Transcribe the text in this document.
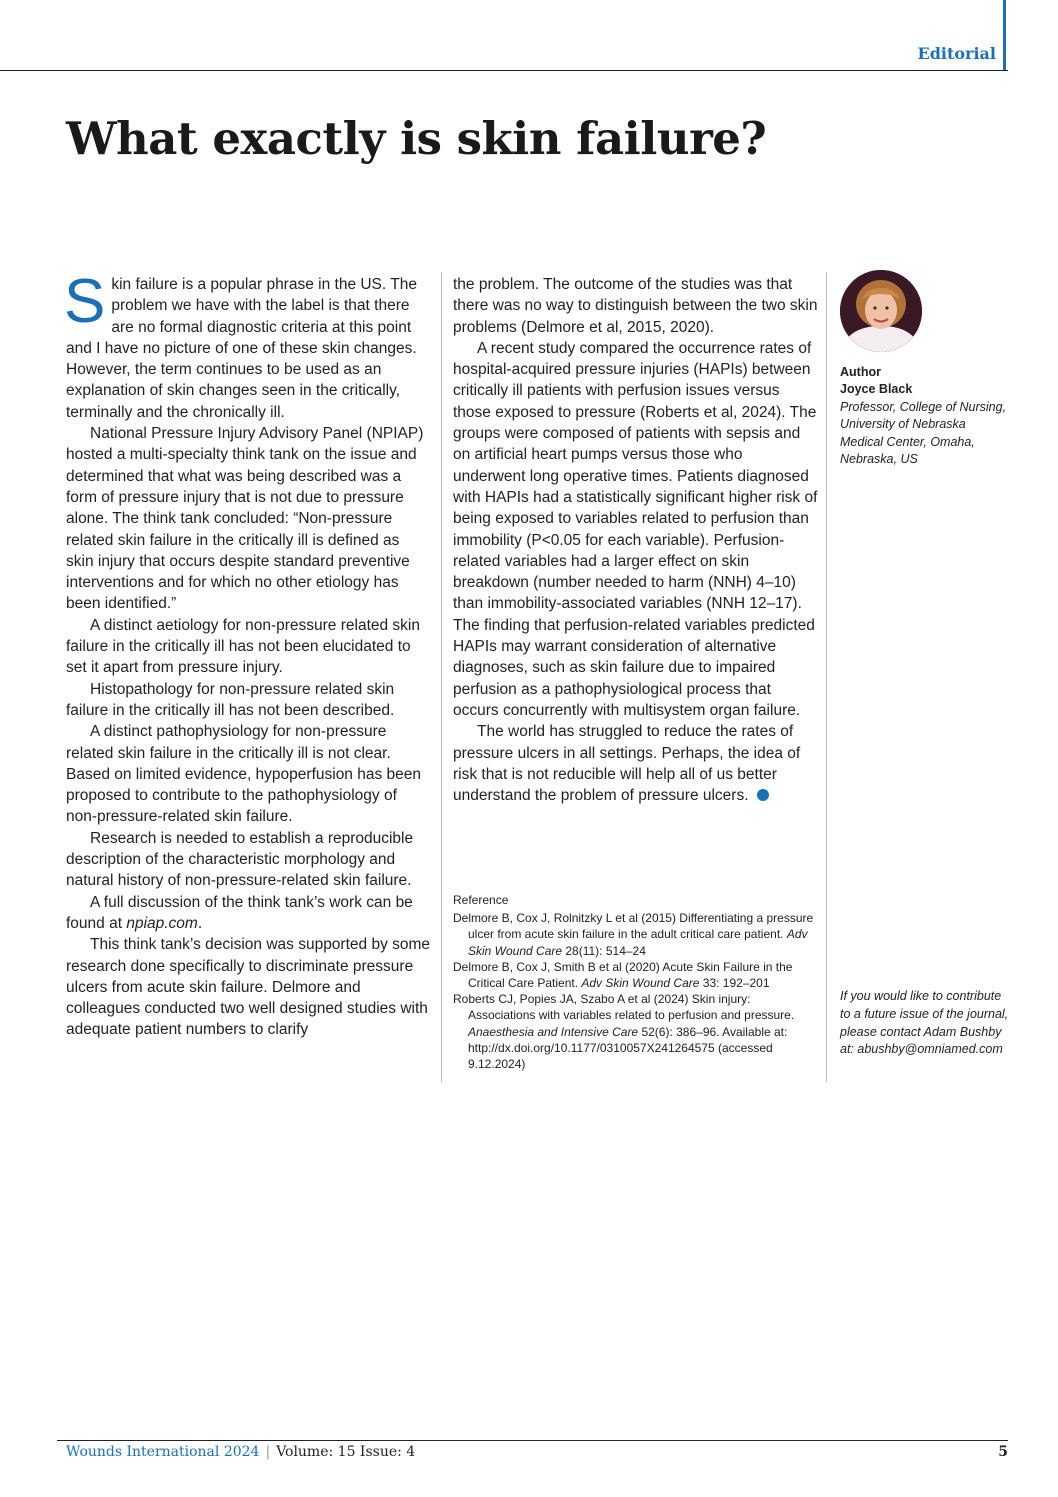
Editorial
What exactly is skin failure?

Skin failure is a popular phrase in the US. The problem we have with the label is that there are no formal diagnostic criteria at this point and I have no picture of one of these skin changes. However, the term continues to be used as an explanation of skin changes seen in the critically, terminally and the chronically ill.

National Pressure Injury Advisory Panel (NPIAP) hosted a multi-specialty think tank on the issue and determined that what was being described was a form of pressure injury that is not due to pressure alone. The think tank concluded: “Non-pressure related skin failure in the critically ill is defined as skin injury that occurs despite standard preventive interventions and for which no other etiology has been identified.”

A distinct aetiology for non-pressure related skin failure in the critically ill has not been elucidated to set it apart from pressure injury.

Histopathology for non-pressure related skin failure in the critically ill has not been described.

A distinct pathophysiology for non-pressure related skin failure in the critically ill is not clear. Based on limited evidence, hypoperfusion has been proposed to contribute to the pathophysiology of non-pressure-related skin failure.

Research is needed to establish a reproducible description of the characteristic morphology and natural history of non-pressure-related skin failure.

A full discussion of the think tank’s work can be found at npiap.com.

This think tank’s decision was supported by some research done specifically to discriminate pressure ulcers from acute skin failure. Delmore and colleagues conducted two well designed studies with adequate patient numbers to clarify

the problem. The outcome of the studies was that there was no way to distinguish between the two skin problems (Delmore et al, 2015, 2020).

A recent study compared the occurrence rates of hospital-acquired pressure injuries (HAPIs) between critically ill patients with perfusion issues versus those exposed to pressure (Roberts et al, 2024). The groups were composed of patients with sepsis and on artificial heart pumps versus those who underwent long operative times. Patients diagnosed with HAPIs had a statistically significant higher risk of being exposed to variables related to perfusion than immobility (P<0.05 for each variable). Perfusion-related variables had a larger effect on skin breakdown (number needed to harm (NNH) 4–10) than immobility-associated variables (NNH 12–17). The finding that perfusion-related variables predicted HAPIs may warrant consideration of alternative diagnoses, such as skin failure due to impaired perfusion as a pathophysiological process that occurs concurrently with multisystem organ failure.

The world has struggled to reduce the rates of pressure ulcers in all settings. Perhaps, the idea of risk that is not reducible will help all of us better understand the problem of pressure ulcers.

Reference

Delmore B, Cox J, Rolnitzky L et al (2015) Differentiating a pressure ulcer from acute skin failure in the adult critical care patient. Adv Skin Wound Care 28(11): 514–24

Delmore B, Cox J, Smith B et al (2020) Acute Skin Failure in the Critical Care Patient. Adv Skin Wound Care 33: 192–201

Roberts CJ, Popies JA, Szabo A et al (2024) Skin injury: Associations with variables related to perfusion and pressure. Anaesthesia and Intensive Care 52(6): 386–96. Available at: http://dx.doi.org/10.1177/0310057X241264575 (accessed 9.12.2024)

Author
Joyce Black
Professor, College of Nursing, University of Nebraska Medical Center, Omaha, Nebraska, US
If you would like to contribute to a future issue of the journal, please contact Adam Bushby at: abushby@omniamed.com
Wounds International 2024 | Volume: 15 Issue: 4	5
